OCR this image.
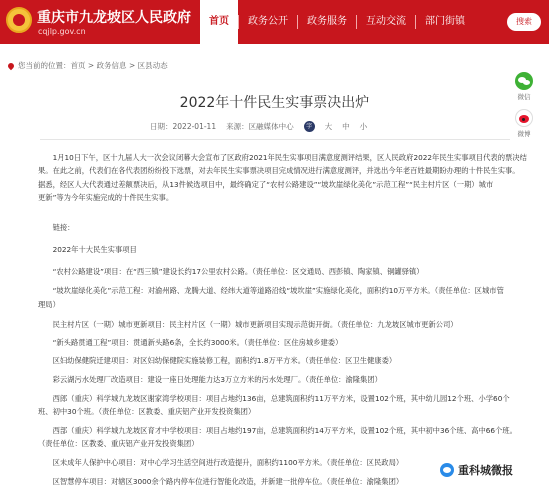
重庆市九龙坡区人民政府
cqjlp.gov.cn
首页	政务公开	政务服务	互动交流	部门街镇	搜索
您当前的位置：首页 > 政务信息 > 区县动态
2022年十件民生实事票决出炉
日期：2022-01-11 来源：区融媒体中心	字	大 中 小
微信
微博
　　1月10日下午，区十九届人大一次会议闭幕大会宣布了区政府2021年民生实事项目满意度测评结果，区人民政府2022年民生实事项目代表的票决结
果。在此之前，代表们在各代表团纷纷投下选票，对去年民生实事票决项目完成情况进行满意度测评，并选出今年老百姓最期盼办理的十件民生实事。
据悉，经区人大代表通过差额票决后，从13件候选项目中，最终确定了“农村公路建设”“坡坎崖绿化美化”示范工程”“民主村片区（一期）城市
更新”等为今年实施完成的十件民生实事。
　　链接：
　　2022年十大民生实事项目
　　“农村公路建设”项目：在“西三镇”建设长约17公里农村公路。（责任单位：区交通局、西彭镇、陶家镇、铜罐驿镇）
　　“坡坎崖绿化美化”示范工程：对渝州路、龙腾大道、经纬大道等道路沿线“坡坎崖”实施绿化美化，面积约10万平方米。（责任单位：区城市管
理局）
　　民主村片区（一期）城市更新项目：民主村片区（一期）城市更新项目实现示范街开街。（责任单位：九龙坡区城市更新公司）
　　“新头路贯通工程”项目：贯通新头路6条，全长约3000米。（责任单位：区住房城乡建委）
　　区妇幼保健院迁建项目：对区妇幼保健院实施装修工程，面积约1.8万平方米。（责任单位：区卫生健康委）
　　彩云湖污水处理厂改造项目：建设一座日处理能力达3万立方米的污水处理厂。（责任单位：渝隆集团）
　　西郎（重庆）科学城九龙坡区谢家湾学校项目：项目占地约136亩，总建筑面积约11万平方米，设置102个班，其中幼儿园12个班、小学60个
班、初中30个班。（责任单位：区教委、重庆铝产业开发投资集团）
　　西部（重庆）科学城九龙坡区育才中学校项目：项目占地约197亩，总建筑面积约14万平方米，设置102个班，其中初中36个班、高中66个班。
（责任单位：区教委、重庆铝产业开发投资集团）
　　区未成年人保护中心项目：对中心学习生活空间进行改造提升，面积约1100平方米。（责任单位：区民政局）
　　区智慧停车项目：对辖区3000余个路内停车位进行智能化改造，并新建一批停车位。（责任单位：渝隆集团）
重科城微报
